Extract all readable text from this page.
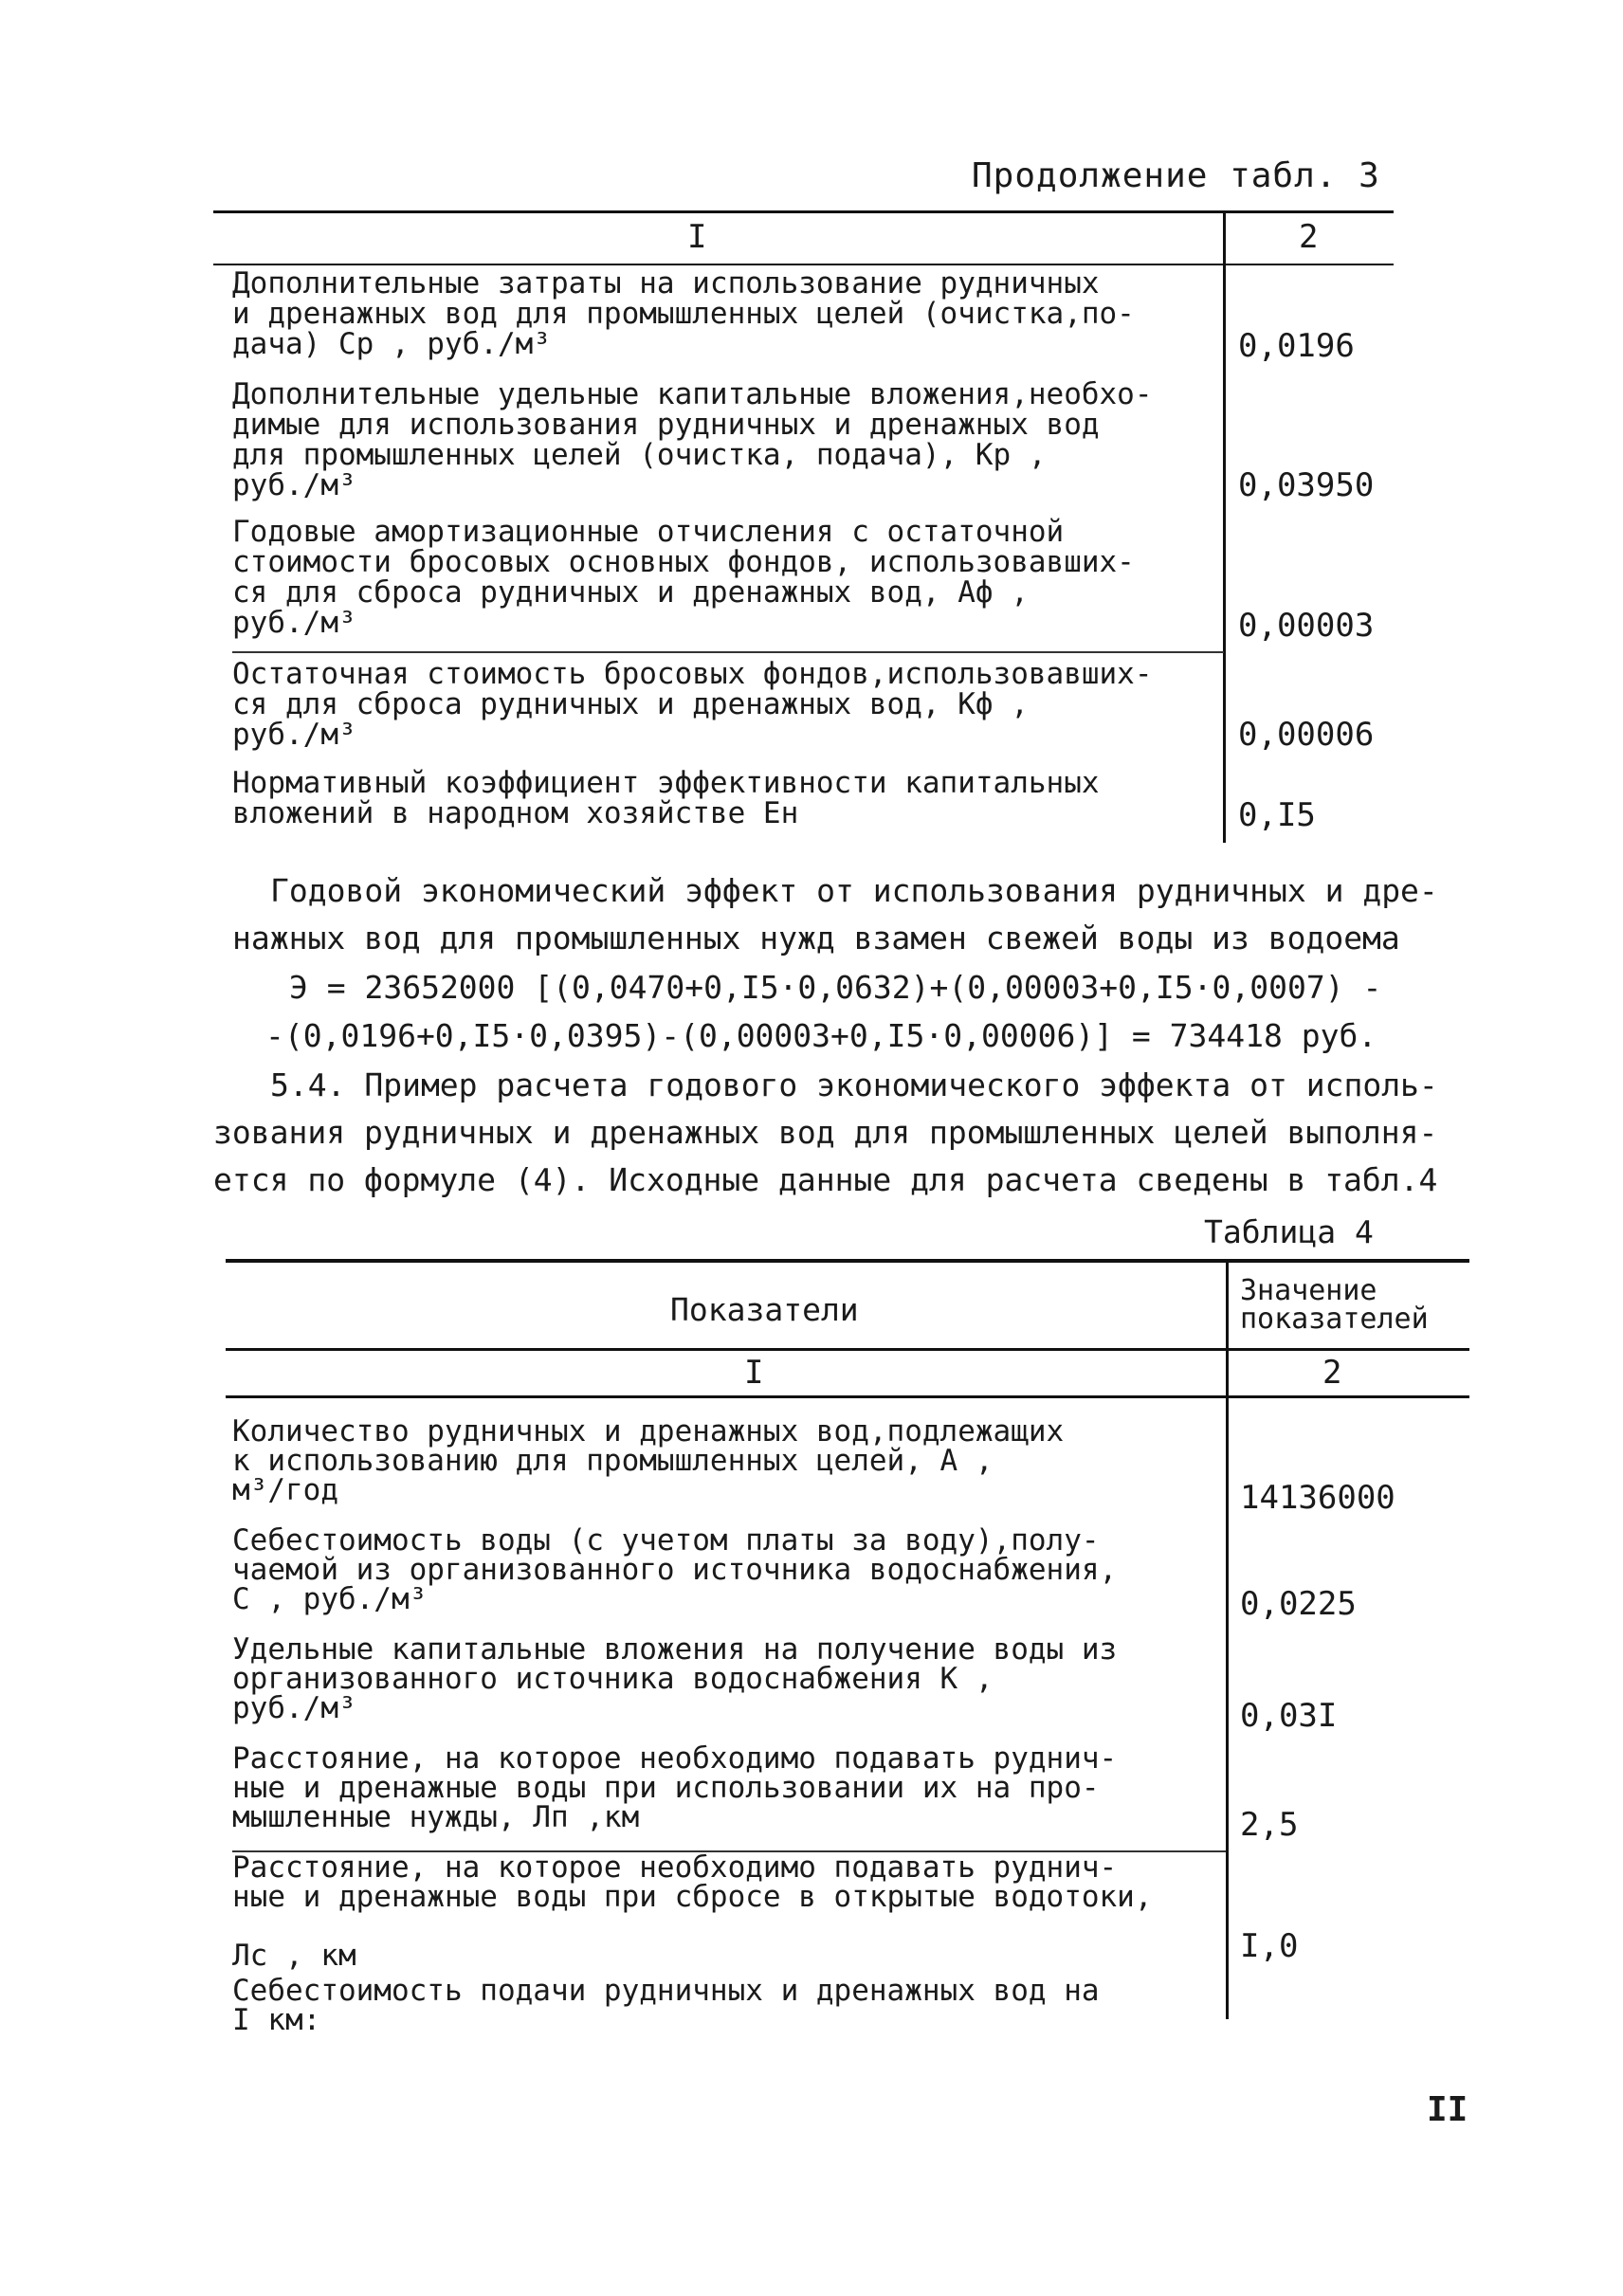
Продолжение табл. 3
I	2
Дополнительные затраты на использование рудничных
и дренажных вод для промышленных целей (очистка,по-
дача) Cр , руб./м³	0,0196
Дополнительные удельные капитальные вложения,необхо-
димые для использования рудничных и дренажных вод
для промышленных целей (очистка, подача), Кр ,
руб./м³	0,03950
Годовые амортизационные отчисления с остаточной
стоимости бросовых основных фондов, использовавших-
ся для сброса рудничных и дренажных вод, Аф ,
руб./м³	0,00003
Остаточная стоимость бросовых фондов,использовавших-
ся для сброса рудничных и дренажных вод, Кф ,
руб./м³	0,00006
Нормативный коэффициент эффективности капитальных
вложений в народном хозяйстве Eн	0,I5
Годовой экономический эффект от использования рудничных и дре-
нажных вод для промышленных нужд взамен свежей воды из водоема
Э = 23652000 [(0,0470+0,I5·0,0632)+(0,00003+0,I5·0,0007) -
-(0,0196+0,I5·0,0395)-(0,00003+0,I5·0,00006)] = 734418 руб.
5.4. Пример расчета годового экономического эффекта от исполь-
зования рудничных и дренажных вод для промышленных целей выполня-
ется по формуле (4). Исходные данные для расчета сведены в табл.4
Таблица 4
Показатели
Значение
показателей
I	2
Количество рудничных и дренажных вод,подлежащих
к использованию для промышленных целей, А ,
м³/год	14136000
Себестоимость воды (с учетом платы за воду),полу-
чаемой из организованного источника водоснабжения,
С , руб./м³	0,0225
Удельные капитальные вложения на получение воды из
организованного источника водоснабжения К ,
руб./м³	0,03I
Расстояние, на которое необходимо подавать руднич-
ные и дренажные воды при использовании их на про-
мышленные нужды, Лп ,км	2,5
Расстояние, на которое необходимо подавать руднич-
ные и дренажные воды при сбросе в открытые водотоки,

Лс , км	I,0
Себестоимость подачи рудничных и дренажных вод на
I км:
II
